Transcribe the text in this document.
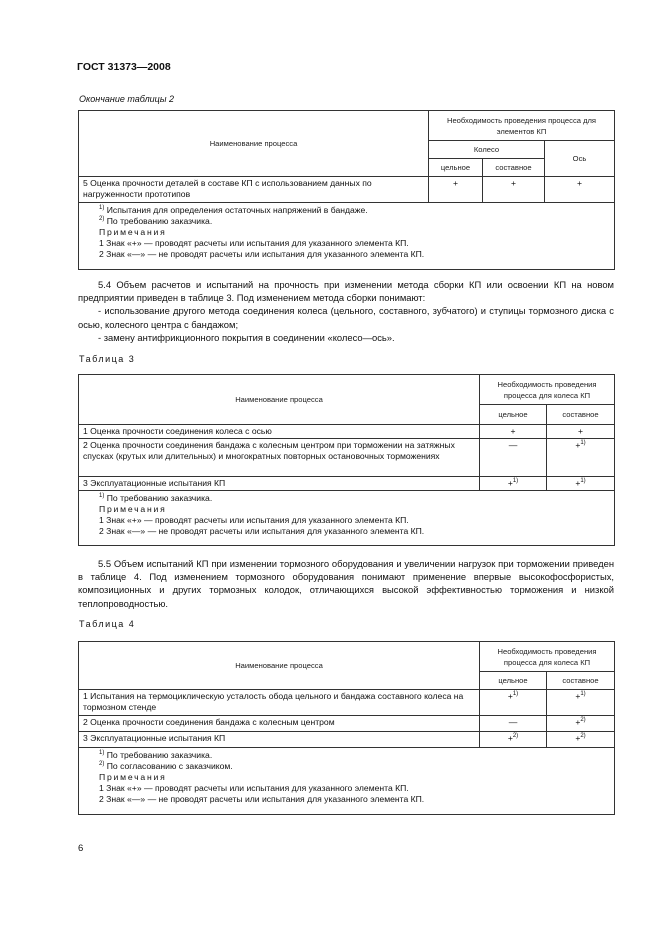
ГОСТ 31373—2008
Окончание таблицы 2
Наименование процесса	Необходимость проведения процесса для элементов КП		
	Колесо		Ось
	цельное	составное	
5 Оценка прочности деталей в составе КП с использованием данных по нагруженности прототипов	+	+	+

$^{1)}$ Испытания для определения остаточных напряжений в бандаже.
$^{2)}$ По требованию заказчика.
Примечания
1 Знак «+» — проводят расчеты или испытания для указанного элемента КП.
2 Знак «—» — не проводят расчеты или испытания для указанного элемента КП.			

5.4 Объем расчетов и испытаний на прочность при изменении метода сборки КП или освоении КП на новом предприятии приведен в таблице 3. Под изменением метода сборки понимают:

- использование другого метода соединения колеса (цельного, составного, зубчатого) и ступицы тормозного диска с осью, колесного центра с бандажом;

- замену антифрикционного покрытия в соединении «колесо—ось».

Таблица 3
Наименование процесса	Необходимость проведения процесса для колеса КП	
	цельное	составное
1 Оценка прочности соединения колеса с осью	+	+
2 Оценка прочности соединения бандажа с колесным центром при торможении на затяжных спусках (крутых или длительных) и многократных повторных остановочных торможениях	—	+$^{1)}$
3 Эксплуатационные испытания КП	+$^{1)}$	+$^{1)}$

$^{1)}$ По требованию заказчика.
Примечания
1 Знак «+» — проводят расчеты или испытания для указанного элемента КП.
2 Знак «—» — не проводят расчеты или испытания для указанного элемента КП.		

5.5 Объем испытаний КП при изменении тормозного оборудования и увеличении нагрузок при торможении приведен в таблице 4. Под изменением тормозного оборудования понимают применение впервые высокофосфористых, композиционных и других тормозных колодок, отличающихся высокой эффективностью торможения и низкой теплопроводностью.

Таблица 4
Наименование процесса	Необходимость проведения процесса для колеса КП	
	цельное	составное
1 Испытания на термоциклическую усталость обода цельного и бандажа составного колеса на тормозном стенде	+$^{1)}$	+$^{1)}$
2 Оценка прочности соединения бандажа с колесным центром	—	+$^{2)}$
3 Эксплуатационные испытания КП	+$^{2)}$	+$^{2)}$

$^{1)}$ По требованию заказчика.
$^{2)}$ По согласованию с заказчиком.
Примечания
1 Знак «+» — проводят расчеты или испытания для указанного элемента КП.
2 Знак «—» — не проводят расчеты или испытания для указанного элемента КП.		
6
